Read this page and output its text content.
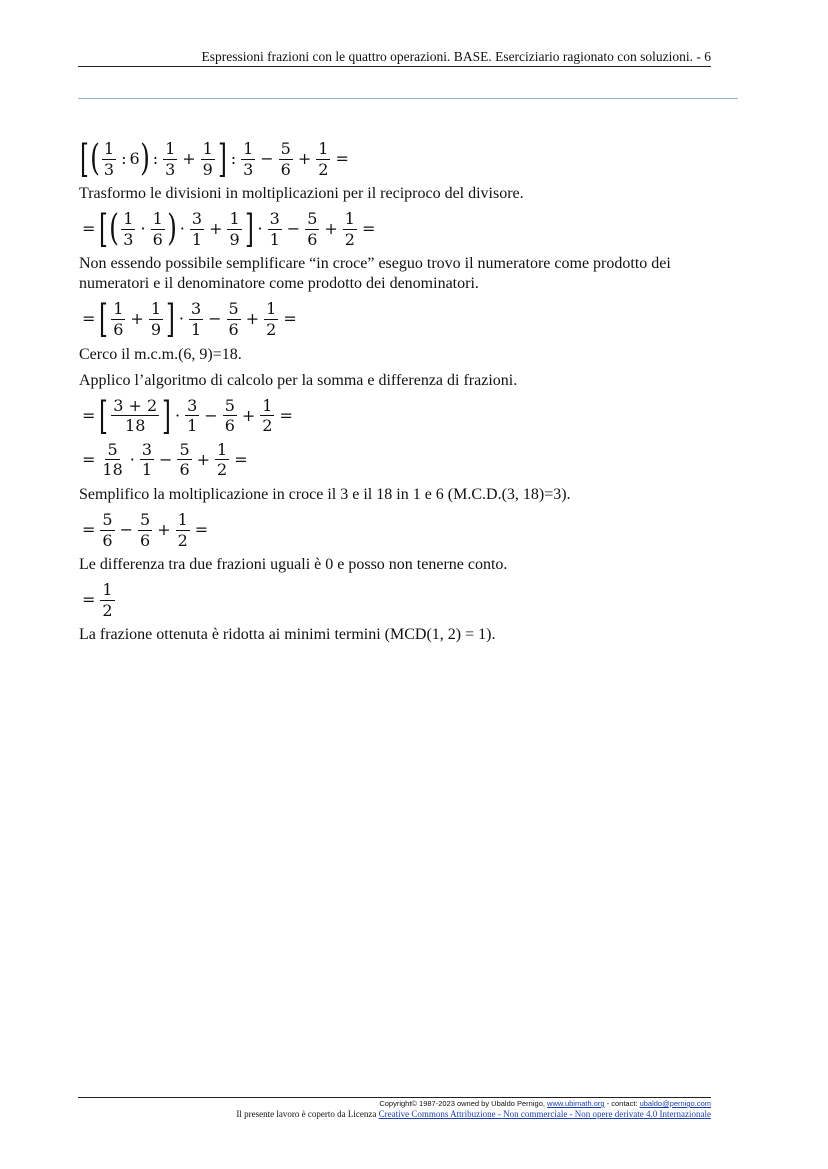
Espressioni frazioni con le quattro operazioni. BASE. Eserciziario ragionato con soluzioni. - 6
[ ( $\frac{1}{3}$ : 6 ) : $\frac{1}{3} + \frac{1}{9}$ ] : $\frac{1}{3} - \frac{5}{6} + \frac{1}{2}$ =

Trasformo le divisioni in moltiplicazioni per il reciproco del divisore.

= [ ( $\frac{1}{3} \cdot \frac{1}{6}$ ) · $\frac{3}{1} + \frac{1}{9}$ ] · $\frac{3}{1} - \frac{5}{6} + \frac{1}{2}$ =

Non essendo possibile semplificare “in croce” eseguo trovo il numeratore come prodotto dei numeratori e il denominatore come prodotto dei denominatori.

= [ $\frac{1}{6} + \frac{1}{9}$ ] · $\frac{3}{1} - \frac{5}{6} + \frac{1}{2}$ =

Cerco il m.c.m.(6, 9)=18.

Applico l’algoritmo di calcolo per la somma e differenza di frazioni.

= [ $\frac{3 + 2}{18}$ ] · $\frac{3}{1} - \frac{5}{6} + \frac{1}{2}$ =
= $\frac{5}{18} \cdot \frac{3}{1} - \frac{5}{6} + \frac{1}{2}$ =

Semplifico la moltiplicazione in croce il 3 e il 18 in 1 e 6 (M.C.D.(3, 18)=3).

= $\frac{5}{6} - \frac{5}{6} + \frac{1}{2}$ =

Le differenza tra due frazioni uguali è 0 e posso non tenerne conto.

= $\frac{1}{2}$

La frazione ottenuta è ridotta ai minimi termini (MCD(1, 2) = 1).

Copyright© 1987-2023 owned by Ubaldo Pernigo, www.ubimath.org - contact: ubaldo@pernigo.com
Il presente lavoro è coperto da Licenza Creative Commons Attribuzione - Non commerciale - Non opere derivate 4.0 Internazionale
